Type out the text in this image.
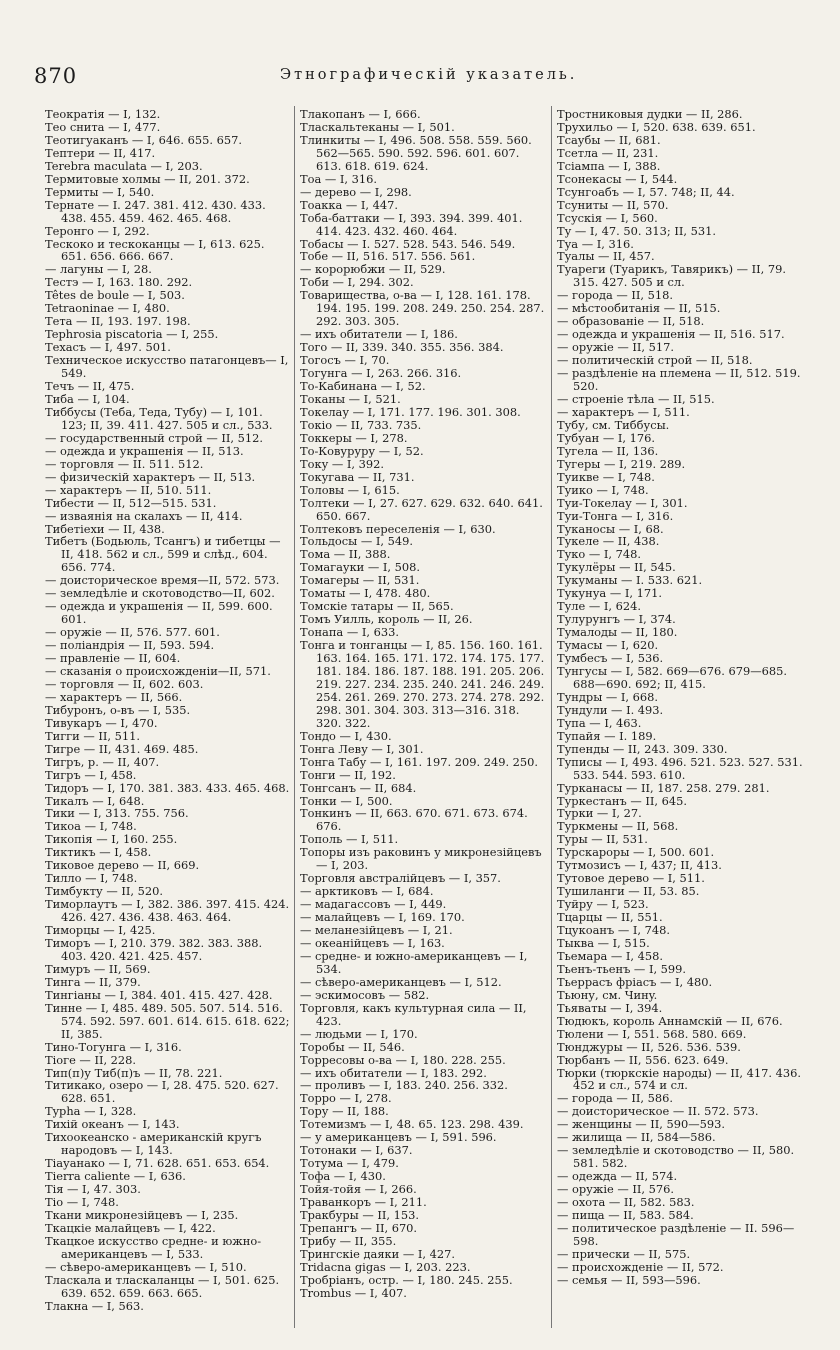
870	Этнографическій указатель.
Теократія — I, 132.
Тео снита — I, 477.
Теотигуаканъ — I, 646. 655. 657.
Тептери — II, 417.
Terebra maculata — I, 203.
Термитовые холмы — II, 201. 372.
Термиты — I, 540.
Тернате — I. 247. 381. 412. 430. 433. 438. 455. 459. 462. 465. 468.
Теронго — I, 292.
Тескоко и тескоканцы — I, 613. 625. 651. 656. 666. 667.
— лагуны — I, 28.
Тестэ — I, 163. 180. 292.
Têtes de boule — I, 503.
Tetraoninae — I, 480.
Тета — II, 193. 197. 198.
Tephrosia piscatoria — I, 255.
Техасъ — I, 497. 501.
Техническое искусство патагонцевъ— I, 549.
Течъ — II, 475.
Тиба — I, 104.
Тиббусы (Теба, Теда, Тубу) — I, 101. 123; II, 39. 411. 427. 505 и сл., 533.
— государственный строй — II, 512.
— одежда и украшенія — II, 513.
— торговля — II. 511. 512.
— физическій характеръ — II, 513.
— характеръ — II, 510. 511.
Тибести — II, 512—515. 531.
— изваянія на скалахъ — II, 414.
Тибетіехи — II, 438.
Тибетъ (Бодьюль, Тсангъ) и тибетцы — II, 418. 562 и сл., 599 и слѣд., 604. 656. 774.
— доисторическое время—II, 572. 573.
— земледѣліе и скотоводство—II, 602.
— одежда и украшенія — II, 599. 600. 601.
— оружіе — II, 576. 577. 601.
— поліандрія — II, 593. 594.
— правленіе — II, 604.
— сказанія о происхожденіи—II, 571.
— торговля — II, 602. 603.
— характеръ — II, 566.
Тибуронъ, о-въ — I, 535.
Тивукаръ — I, 470.
Тигги — II, 511.
Тигре — II, 431. 469. 485.
Тигръ, р. — II, 407.
Тигръ — I, 458.
Тидоръ — I, 170. 381. 383. 433. 465. 468.
Тикалъ — I, 648.
Тики — I, 313. 755. 756.
Тикоа — I, 748.
Тикопія — I, 160. 255.
Тиктикъ — I, 458.
Тиковое дерево — II, 669.
Тилло — I, 748.
Тимбукту — II, 520.
Тиморлаутъ — I, 382. 386. 397. 415. 424. 426. 427. 436. 438. 463. 464.
Тиморцы — I, 425.
Тиморъ — I, 210. 379. 382. 383. 388. 403. 420. 421. 425. 457.
Тимуръ — II, 569.
Тинга — II, 379.
Тингіаны — I, 384. 401. 415. 427. 428.
Тинне — I, 485. 489. 505. 507. 514. 516. 574. 592. 597. 601. 614. 615. 618. 622; II, 385.
Тино-Тогунга — I, 316.
Тіоге — II, 228.
Тип(п)у Тиб(п)ъ — II, 78. 221.
Титикако, озеро — I, 28. 475. 520. 627. 628. 651.
Typha — I, 328.
Тихій океанъ — I, 143.
Тихоокеанско - американскій кругъ народовъ — I, 143.
Тіауанако — I, 71. 628. 651. 653. 654.
Tierra caliente — I, 636.
Тія — I, 47. 303.
Тіо — I, 748.
Ткани микронезійцевъ — I, 235.
Ткацкіе малайцевъ — I, 422.
Ткацкое искусство средне- и южно-американцевъ — I, 533.
— сѣверо-американцевъ — I, 510.
Тласкала и тласкаланцы — I, 501. 625. 639. 652. 659. 663. 665.
Тлакна — I, 563.
Тлакопанъ — I, 666.
Тласкальтеканы — I, 501.
Тлинкиты — I, 496. 508. 558. 559. 560. 562—565. 590. 592. 596. 601. 607. 613. 618. 619. 624.
Тоа — I, 316.
— дерево — I, 298.
Тоакка — I, 447.
Тоба-баттаки — I, 393. 394. 399. 401. 414. 423. 432. 460. 464.
Тобасы — I. 527. 528. 543. 546. 549.
Тобе — II, 516. 517. 556. 561.
— корорюбжи — II, 529.
Тоби — I, 294. 302.
Товарищества, о-ва — I, 128. 161. 178. 194. 195. 199. 208. 249. 250. 254. 287. 292. 303. 305.
— ихъ обитатели — I, 186.
Того — II, 339. 340. 355. 356. 384.
Тогосъ — I, 70.
Тогунга — I, 263. 266. 316.
То-Кабинана — I, 52.
Токаны — I, 521.
Токелау — I, 171. 177. 196. 301. 308.
Токіо — II, 733. 735.
Токкеры — I, 278.
То-Ковуруру — I, 52.
Току — I, 392.
Токугава — II, 731.
Толовы — I, 615.
Толтеки — I, 27. 627. 629. 632. 640. 641. 650. 667.
Толтековъ переселенія — I, 630.
Тольдосы — I, 549.
Тома — II, 388.
Томагауки — I, 508.
Томагеры — II, 531.
Томаты — I, 478. 480.
Томскіе татары — II, 565.
Томъ Уилль, король — II, 26.
Тонапа — I, 633.
Тонга и тонганцы — I, 85. 156. 160. 161. 163. 164. 165. 171. 172. 174. 175. 177. 181. 184. 186. 187. 188. 191. 205. 206. 219. 227. 234. 235. 240. 241. 246. 249. 254. 261. 269. 270. 273. 274. 278. 292. 298. 301. 304. 303. 313—316. 318. 320. 322.
Тондо — I, 430.
Тонга Леву — I, 301.
Тонга Табу — I, 161. 197. 209. 249. 250.
Тонги — II, 192.
Тонгсанъ — II, 684.
Тонки — I, 500.
Тонкинъ — II, 663. 670. 671. 673. 674. 676.
Тополь — I, 511.
Топоры изъ раковинъ у микронезійцевъ — I, 203.
Торговля австралійцевъ — I, 357.
— арктиковъ — I, 684.
— мадагассовъ — I, 449.
— малайцевъ — I, 169. 170.
— меланезійцевъ — I, 21.
— океанійцевъ — I, 163.
— средне- и южно-американцевъ — I, 534.
— сѣверо-американцевъ — I, 512.
— эскимосовъ — 582.
Торговля, какъ культурная сила — II, 423.
— людьми — I, 170.
Торобы — II, 546.
Торресовы о-ва — I, 180. 228. 255.
— ихъ обитатели — I, 183. 292.
— проливъ — I, 183. 240. 256. 332.
Торро — I, 278.
Тору — II, 188.
Тотемизмъ — I, 48. 65. 123. 298. 439.
— у американцевъ — I, 591. 596.
Тотонаки — I, 637.
Тотума — I, 479.
Тофа — I, 430.
Тойя-тойя — I, 266.
Траванкоръ — I, 211.
Тракбуры — II, 153.
Трепангъ — II, 670.
Трибу — II, 355.
Трингскіе даяки — I, 427.
Tridacna gigas — I, 203. 223.
Тробріанъ, остр. — I, 180. 245. 255.
Trombus — I, 407.
Тростниковыя дудки — II, 286.
Трухильо — I, 520. 638. 639. 651.
Тсаубы — II, 681.
Тсетла — II, 231.
Тсіампа — I, 388.
Тсонекасы — I, 544.
Тсунгоабъ — I, 57. 748; II, 44.
Тсуниты — II, 570.
Тсускія — I, 560.
Ту — I, 47. 50. 313; II, 531.
Туа — I, 316.
Туалы — II, 457.
Туареги (Туарикъ, Тавярикъ) — II, 79. 315. 427. 505 и сл.
— города — II, 518.
— мѣстообитанія — II, 515.
— образованіе — II, 518.
— одежда и украшенія — II, 516. 517.
— оружіе — II, 517.
— политическій строй — II, 518.
— раздѣленіе на племена — II, 512. 519. 520.
— строеніе тѣла — II, 515.
— характеръ — I, 511.
Тубу, см. Тиббусы.
Тубуан — I, 176.
Тугела — II, 136.
Тугеры — I, 219. 289.
Туикве — I, 748.
Туико — I, 748.
Туи-Токелау — I, 301.
Туи-Тонга — I, 316.
Туканосы — I, 68.
Тукеле — II, 438.
Туко — I, 748.
Тукулёры — II, 545.
Тукуманы — I. 533. 621.
Тукунуа — I, 171.
Туле — I, 624.
Тулурунгъ — I, 374.
Тумалоды — II, 180.
Тумасы — I, 620.
Тумбесъ — I, 536.
Тунгусы — I, 582. 669—676. 679—685. 688—690. 692; II, 415.
Тундры — I, 668.
Тундули — I. 493.
Тупа — I, 463.
Тупайя — I. 189.
Тупенды — II, 243. 309. 330.
Туписы — I, 493. 496. 521. 523. 527. 531. 533. 544. 593. 610.
Турканасы — II, 187. 258. 279. 281.
Туркестанъ — II, 645.
Турки — I, 27.
Туркмены — II, 568.
Туры — II, 531.
Турскароры — I, 500. 601.
Тутмозисъ — I, 437; II, 413.
Тутовое дерево — I, 511.
Тушиланги — II, 53. 85.
Туйру — I, 523.
Тцарцы — II, 551.
Тцукоанъ — I, 748.
Тыква — I, 515.
Тьемара — I, 458.
Тьенъ-тьенъ — I, 599.
Тьеррасъ фріасъ — I, 480.
Тьюну, см. Чинy.
Тьяваты — I, 394.
Тюдюкъ, король Аннамскій — II, 676.
Тюлени — I, 551. 568. 580. 669.
Тюнджуры — II, 526. 536. 539.
Тюрбанъ — II, 556. 623. 649.
Тюрки (тюркскіе народы) — II, 417. 436. 452 и сл., 574 и сл.
— города — II, 586.
— доисторическое — II. 572. 573.
— женщины — II, 590—593.
— жилища — II, 584—586.
— земледѣліе и скотоводство — II, 580. 581. 582.
— одежда — II, 574.
— оружіе — II, 576.
— охота — II, 582. 583.
— пища — II, 583. 584.
— политическое раздѣленіе — II. 596—598.
— прически — II, 575.
— происхожденіе — II, 572.
— семья — II, 593—596.
